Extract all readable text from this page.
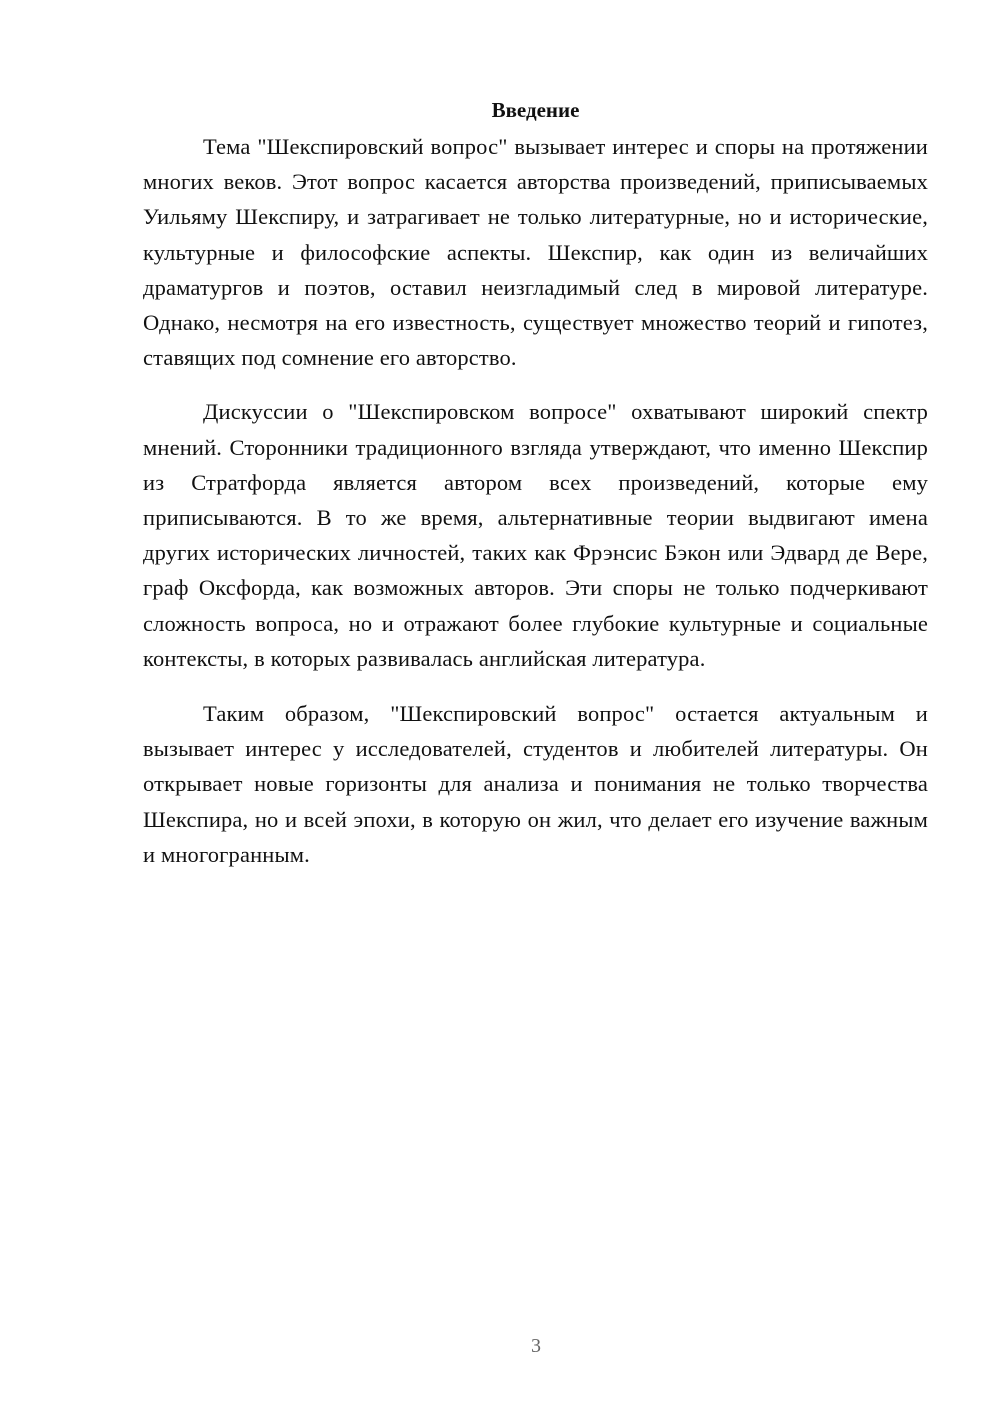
Введение

Тема "Шекспировский вопрос" вызывает интерес и споры на протяжении многих веков. Этот вопрос касается авторства произведений, приписываемых Уильяму Шекспиру, и затрагивает не только литературные, но и исторические, культурные и философские аспекты. Шекспир, как один из величайших драматургов и поэтов, оставил неизгладимый след в мировой литературе. Однако, несмотря на его известность, существует множество теорий и гипотез, ставящих под сомнение его авторство.

Дискуссии о "Шекспировском вопросе" охватывают широкий спектр мнений. Сторонники традиционного взгляда утверждают, что именно Шекспир из Стратфорда является автором всех произведений, которые ему приписываются. В то же время, альтернативные теории выдвигают имена других исторических личностей, таких как Фрэнсис Бэкон или Эдвард де Вере, граф Оксфорда, как возможных авторов. Эти споры не только подчеркивают сложность вопроса, но и отражают более глубокие культурные и социальные контексты, в которых развивалась английская литература.

Таким образом, "Шекспировский вопрос" остается актуальным и вызывает интерес у исследователей, студентов и любителей литературы. Он открывает новые горизонты для анализа и понимания не только творчества Шекспира, но и всей эпохи, в которую он жил, что делает его изучение важным и многогранным.

3
